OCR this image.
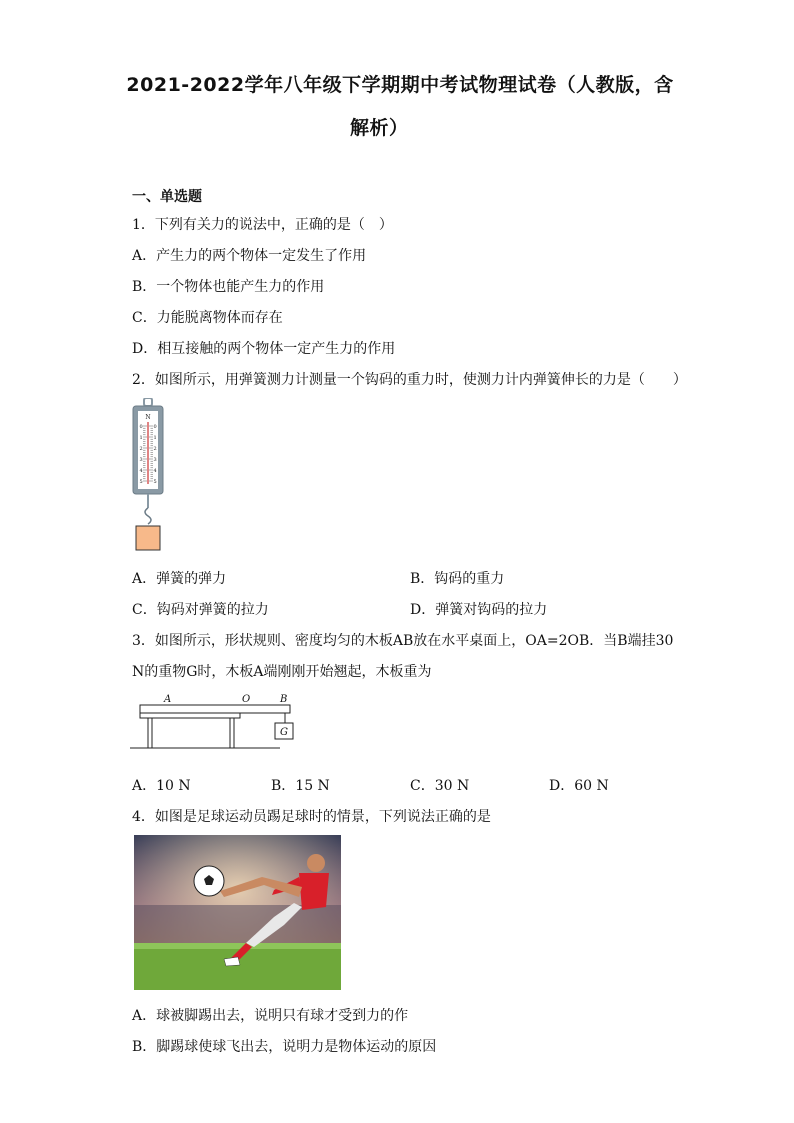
2021-2022学年八年级下学期期中考试物理试卷（人教版，含
解析）
一、单选题
1．下列有关力的说法中，正确的是（　）
A．产生力的两个物体一定发生了作用
B．一个物体也能产生力的作用
C．力能脱离物体而存在
D．相互接触的两个物体一定产生力的作用
2．如图所示，用弹簧测力计测量一个钩码的重力时，使测力计内弹簧伸长的力是（　　）
N
0
1
2
3
4
5
0
1
2
3
4
5
A．弹簧的弹力	B．钩码的重力
C．钩码对弹簧的拉力	D．弹簧对钩码的拉力
3．如图所示，形状规则、密度均匀的木板AB放在水平桌面上，OA=2OB．当B端挂30
N的重物G时，木板A端刚刚开始翘起，木板重为
G
A	O	B
A．10 N	B．15 N	C．30 N	D．60 N
4．如图是足球运动员踢足球时的情景，下列说法正确的是
A．球被脚踢出去，说明只有球才受到力的作
B．脚踢球使球飞出去，说明力是物体运动的原因
